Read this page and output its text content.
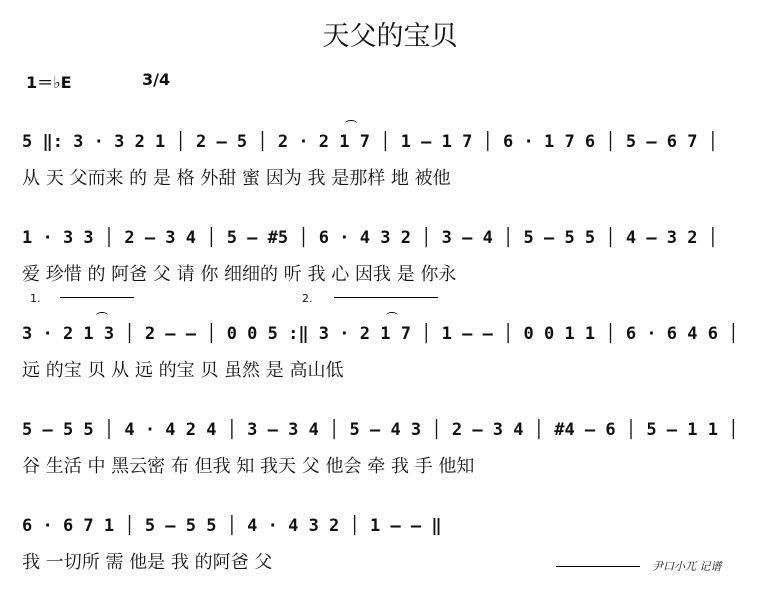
天父的宝贝
1＝♭E	3/4
5 ‖: 3 · 3 2 1 │ 2 – 5 │ 2 · 2 1 7 │ 1 – 1 7 │ 6 · 1 7 6 │ 5 – 6 7 │
从 天 父而来 的 是 格 外甜 蜜 因为 我 是那样 地 被他
1 · 3 3 │ 2 – 3 4 │ 5 – #5 │ 6 · 4 3 2 │ 3 – 4 │ 5 – 5 5 │ 4 – 3 2 │
爱 珍惜 的 阿爸 父 请 你 细细的 听 我 心 因我 是 你永
1.	2.
3 · 2 1 3 │ 2 – – │ 0 0 5 :‖ 3 · 2 1 7 │ 1 – – │ 0 0 1 1 │ 6 · 6 4 6 │
远 的宝 贝 从 远 的宝 贝 虽然 是 高山低
5 – 5 5 │ 4 · 4 2 4 │ 3 – 3 4 │ 5 – 4 3 │ 2 – 3 4 │ #4 – 6 │ 5 – 1 1 │
谷 生活 中 黑云密 布 但我 知 我天 父 他会 牵 我 手 他知
6 · 6 7 1 │ 5 – 5 5 │ 4 · 4 3 2 │ 1 – – ‖
我 一切所 需 他是 我 的阿爸 父	尹口小兀 记谱
